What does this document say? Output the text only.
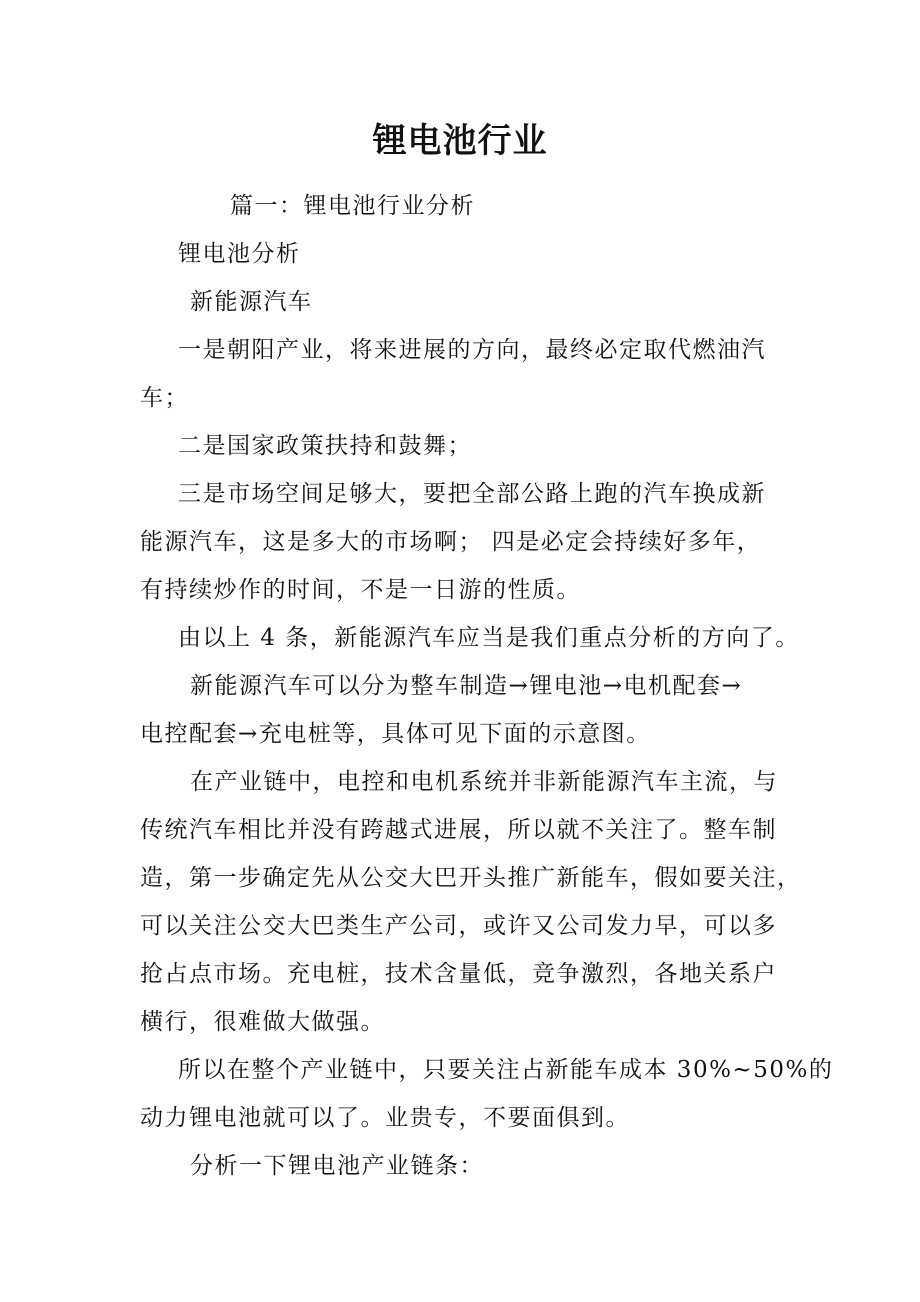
锂电池行业

篇一：锂电池行业分析

锂电池分析

新能源汽车

一是朝阳产业，将来进展的方向，最终必定取代燃油汽

车；

二是国家政策扶持和鼓舞；

三是市场空间足够大，要把全部公路上跑的汽车换成新

能源汽车，这是多大的市场啊； 四是必定会持续好多年，

有持续炒作的时间，不是一日游的性质。

由以上 4 条，新能源汽车应当是我们重点分析的方向了。

新能源汽车可以分为整车制造→锂电池→电机配套→

电控配套→充电桩等，具体可见下面的示意图。

在产业链中，电控和电机系统并非新能源汽车主流，与

传统汽车相比并没有跨越式进展，所以就不关注了。整车制

造，第一步确定先从公交大巴开头推广新能车，假如要关注，

可以关注公交大巴类生产公司，或许又公司发力早，可以多

抢占点市场。充电桩，技术含量低，竞争激烈，各地关系户

横行，很难做大做强。

所以在整个产业链中，只要关注占新能车成本 30%~50%的

动力锂电池就可以了。业贵专，不要面俱到。

分析一下锂电池产业链条：
